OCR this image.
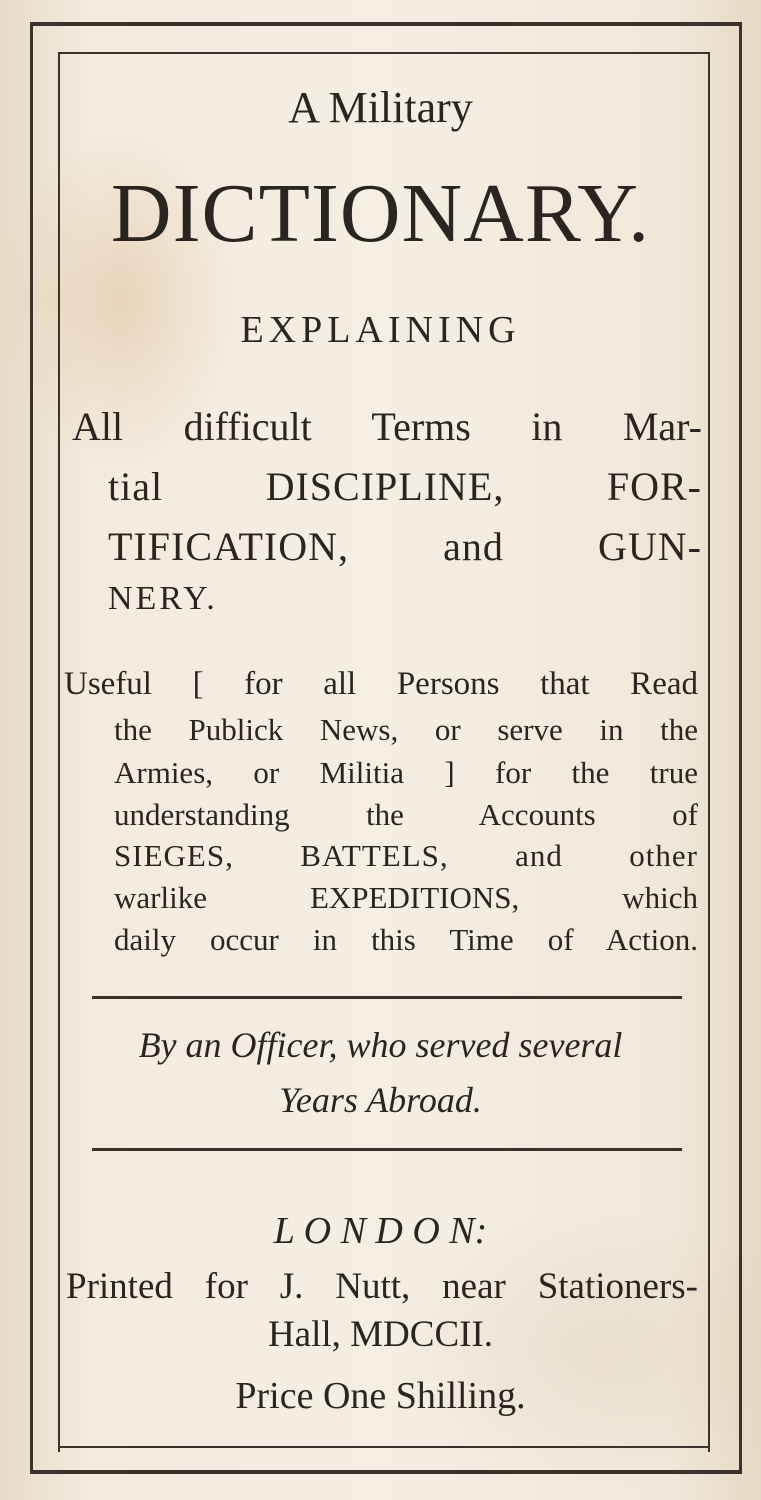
A Military
DICTIONARY.
EXPLAINING
All difficult Terms in Mar-
tial DISCIPLINE, FOR-
TIFICATION, and GUN-
NERY.
Useful [ for all Persons that Read
the Publick News, or serve in the
Armies, or Militia ] for the true
understanding the Accounts of
SIEGES, BATTELS, and other
warlike EXPEDITIONS, which
daily occur in this Time of Action.
By an Officer, who served several
Years Abroad.
L O N D O N:
Printed for J. Nutt, near Stationers-
Hall, MDCCII.
Price One Shilling.
